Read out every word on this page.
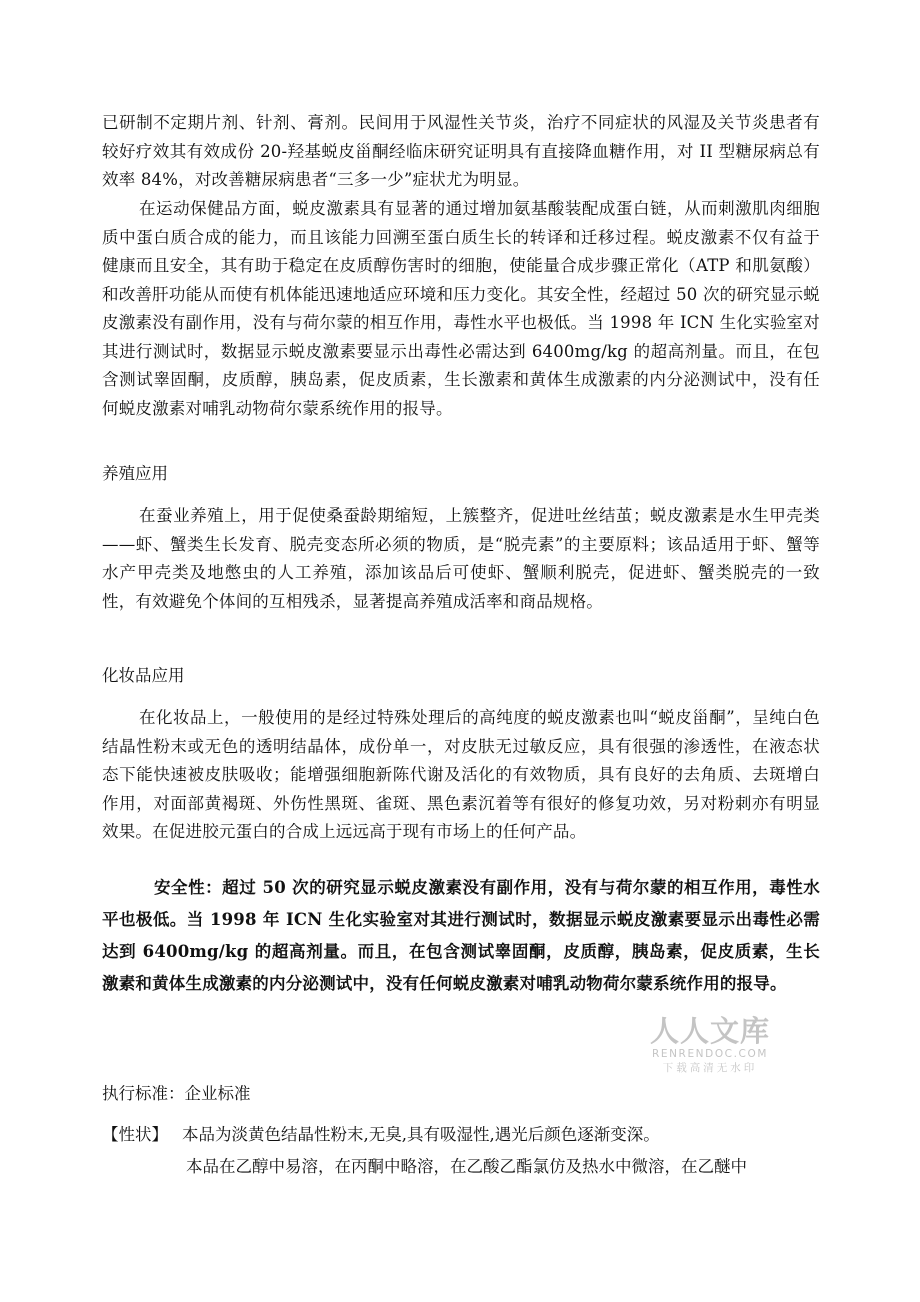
已研制不定期片剂、针剂、膏剂。民间用于风湿性关节炎，治疗不同症状的风湿及关节炎患者有较好疗效其有效成份 20-羟基蜕皮甾酮经临床研究证明具有直接降血糖作用，对 II 型糖尿病总有效率 84%，对改善糖尿病患者“三多一少”症状尤为明显。

在运动保健品方面，蜕皮激素具有显著的通过增加氨基酸装配成蛋白链，从而刺激肌肉细胞质中蛋白质合成的能力，而且该能力回溯至蛋白质生长的转译和迁移过程。蜕皮激素不仅有益于健康而且安全，其有助于稳定在皮质醇伤害时的细胞，使能量合成步骤正常化（ATP 和肌氨酸）和改善肝功能从而使有机体能迅速地适应环境和压力变化。其安全性，经超过 50 次的研究显示蜕皮激素没有副作用，没有与荷尔蒙的相互作用，毒性水平也极低。当 1998 年 ICN 生化实验室对其进行测试时，数据显示蜕皮激素要显示出毒性必需达到 6400mg/kg 的超高剂量。而且，在包含测试睾固酮，皮质醇，胰岛素，促皮质素，生长激素和黄体生成激素的内分泌测试中，没有任何蜕皮激素对哺乳动物荷尔蒙系统作用的报导。

养殖应用

在蚕业养殖上，用于促使桑蚕龄期缩短，上簇整齐，促进吐丝结茧；蜕皮激素是水生甲壳类——虾、蟹类生长发育、脱壳变态所必须的物质，是“脱壳素”的主要原料；该品适用于虾、蟹等水产甲壳类及地憋虫的人工养殖，添加该品后可使虾、蟹顺利脱壳，促进虾、蟹类脱壳的一致性，有效避免个体间的互相残杀，显著提高养殖成活率和商品规格。

化妆品应用

在化妆品上，一般使用的是经过特殊处理后的高纯度的蜕皮激素也叫“蜕皮甾酮”，呈纯白色结晶性粉末或无色的透明结晶体，成份单一，对皮肤无过敏反应，具有很强的渗透性，在液态状态下能快速被皮肤吸收；能增强细胞新陈代谢及活化的有效物质，具有良好的去角质、去斑增白作用，对面部黄褐斑、外伤性黑斑、雀斑、黑色素沉着等有很好的修复功效，另对粉刺亦有明显效果。在促进胶元蛋白的合成上远远高于现有市场上的任何产品。

安全性：超过 50 次的研究显示蜕皮激素没有副作用，没有与荷尔蒙的相互作用，毒性水平也极低。当 1998 年 ICN 生化实验室对其进行测试时，数据显示蜕皮激素要显示出毒性必需达到 6400mg/kg 的超高剂量。而且，在包含测试睾固酮，皮质醇，胰岛素，促皮质素，生长激素和黄体生成激素的内分泌测试中，没有任何蜕皮激素对哺乳动物荷尔蒙系统作用的报导。

人人文库
RENRENDOC.COM
下载高清无水印

执行标准：企业标准

【性状】 本品为淡黄色结晶性粉末,无臭,具有吸湿性,遇光后颜色逐渐变深。

本品在乙醇中易溶，在丙酮中略溶，在乙酸乙酯氯仿及热水中微溶，在乙醚中
